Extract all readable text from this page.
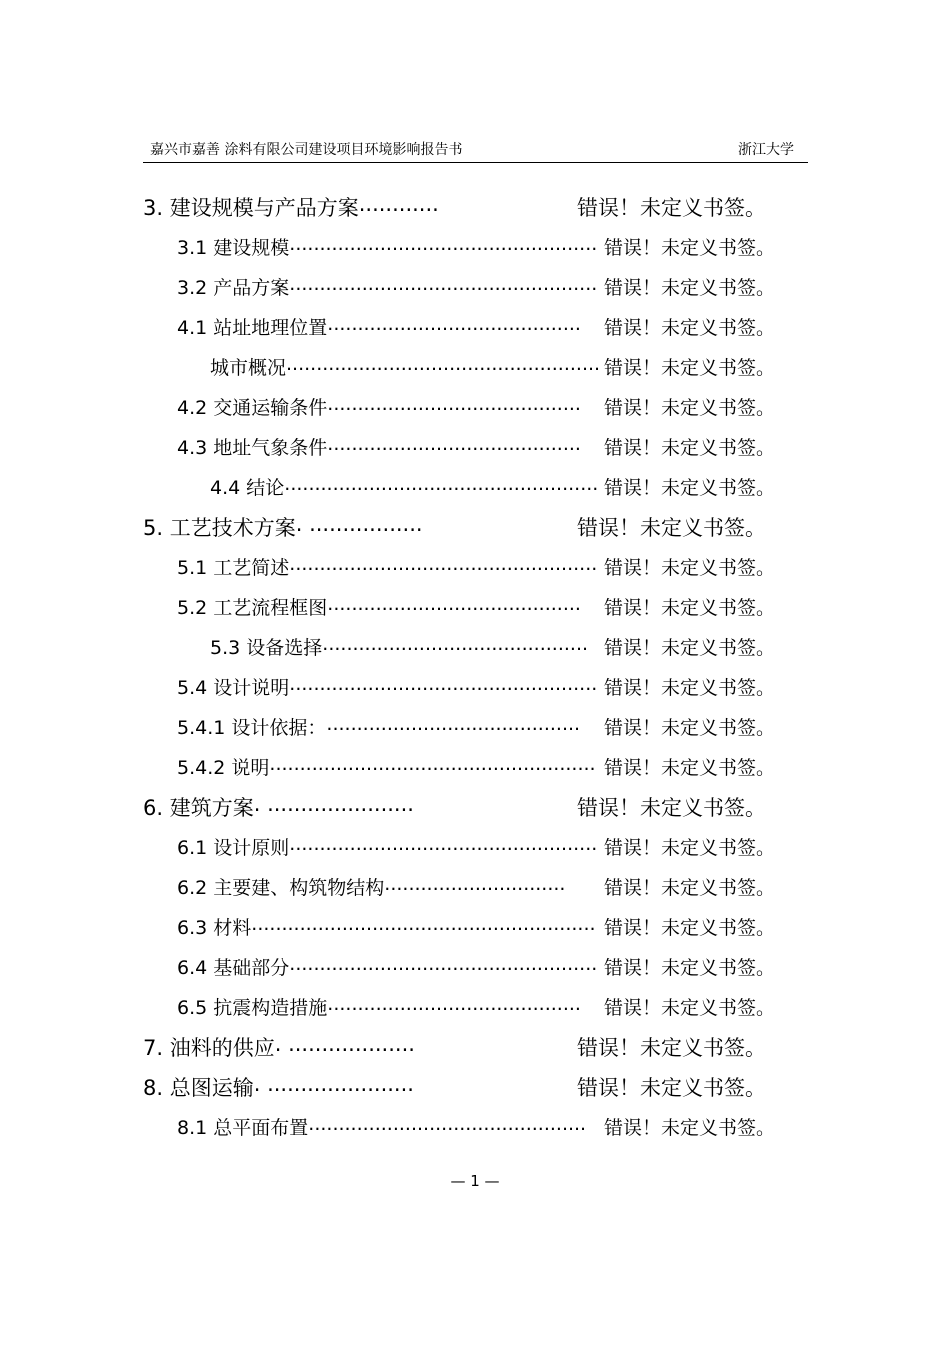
嘉兴市嘉善 涂料有限公司建设项目环境影响报告书	浙江大学
3. 建设规模与产品方案............	错误！未定义书签。
3.1 建设规模................................................... 错误！未定义书签。
3.2 产品方案................................................... 错误！未定义书签。
4.1 站址地理位置.......................................... 错误！未定义书签。
城市概况.................................................... 错误！未定义书签。
4.2 交通运输条件.......................................... 错误！未定义书签。
4.3 地址气象条件.......................................... 错误！未定义书签。
4.4 结论.................................................... 错误！未定义书签。
5. 工艺技术方案. .................	错误！未定义书签。
5.1 工艺简述................................................... 错误！未定义书签。
5.2 工艺流程框图.......................................... 错误！未定义书签。
5.3 设备选择............................................ 错误！未定义书签。
5.4 设计说明................................................... 错误！未定义书签。
5.4.1 设计依据：.......................................... 错误！未定义书签。
5.4.2 说明...................................................... 错误！未定义书签。
6. 建筑方案. ......................	错误！未定义书签。
6.1 设计原则................................................... 错误！未定义书签。
6.2 主要建、构筑物结构.............................. 错误！未定义书签。
6.3 材料......................................................... 错误！未定义书签。
6.4 基础部分................................................... 错误！未定义书签。
6.5 抗震构造措施.......................................... 错误！未定义书签。
7. 油料的供应. ...................	错误！未定义书签。
8. 总图运输. ......................	错误！未定义书签。
8.1 总平面布置.............................................. 错误！未定义书签。
— 1 —
